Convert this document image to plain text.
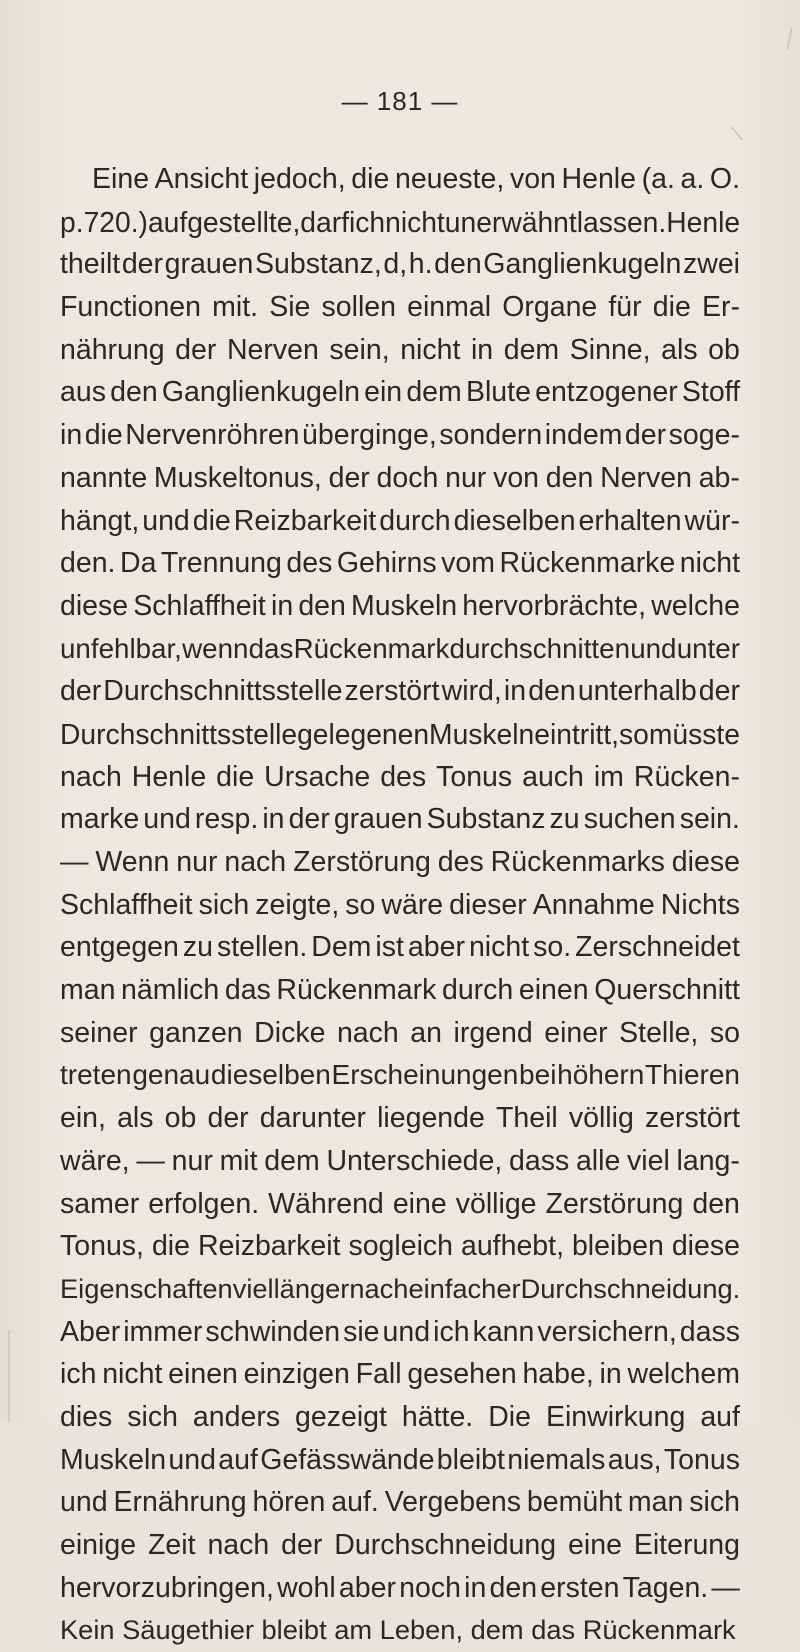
— 181 —
Eine Ansicht jedoch, die neueste, von Henle (a. a. O.
p. 720.) aufgestellte, darf ich nicht unerwähnt lassen. Henle
theilt der grauen Substanz, d, h. den Ganglienkugeln zwei
Functionen mit. Sie sollen einmal Organe für die Er-
nährung der Nerven sein, nicht in dem Sinne, als ob
aus den Ganglienkugeln ein dem Blute entzogener Stoff
in die Nervenröhren überginge, sondern indem der soge-
nannte Muskeltonus, der doch nur von den Nerven ab-
hängt, und die Reizbarkeit durch dieselben erhalten wür-
den. Da Trennung des Gehirns vom Rückenmarke nicht
diese Schlaffheit in den Muskeln hervorbrächte, welche
unfehlbar, wenn das Rückenmark durchschnitten und unter
der Durchschnittsstelle zerstört wird, in den unterhalb der
Durchschnittsstelle gelegenen Muskeln eintritt, so müsste
nach Henle die Ursache des Tonus auch im Rücken-
marke und resp. in der grauen Substanz zu suchen sein.
— Wenn nur nach Zerstörung des Rückenmarks diese
Schlaffheit sich zeigte, so wäre dieser Annahme Nichts
entgegen zu stellen. Dem ist aber nicht so. Zerschneidet
man nämlich das Rückenmark durch einen Querschnitt
seiner ganzen Dicke nach an irgend einer Stelle, so
treten genau dieselben Erscheinungen bei höhern Thieren
ein, als ob der darunter liegende Theil völlig zerstört
wäre, — nur mit dem Unterschiede, dass alle viel lang-
samer erfolgen. Während eine völlige Zerstörung den
Tonus, die Reizbarkeit sogleich aufhebt, bleiben diese
Eigenschaften viel länger nach einfacher Durchschneidung.
Aber immer schwinden sie und ich kann versichern, dass
ich nicht einen einzigen Fall gesehen habe, in welchem
dies sich anders gezeigt hätte. Die Einwirkung auf
Muskeln und auf Gefässwände bleibt niemals aus, Tonus
und Ernährung hören auf. Vergebens bemüht man sich
einige Zeit nach der Durchschneidung eine Eiterung
hervorzubringen, wohl aber noch in den ersten Tagen. —
Kein Säugethier bleibt am Leben, dem das Rückenmark
